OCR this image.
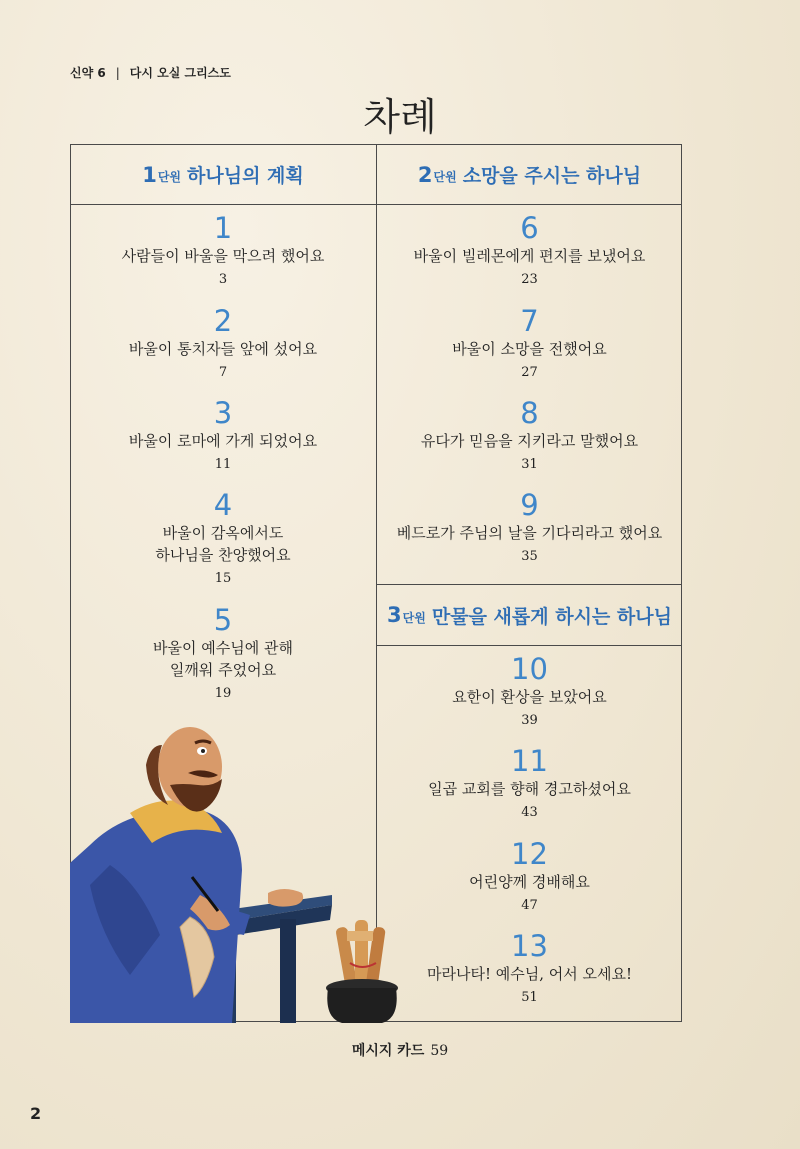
신약 6 | 다시 오실 그리스도
차례
1 단원 하나님의 계획	2 단원 소망을 주시는 하나님
3 단원 만물을 새롭게 하시는 하나님
1
사람들이 바울을 막으려 했어요
3
2
바울이 통치자들 앞에 섰어요
7
3
바울이 로마에 가게 되었어요
11
4
바울이 감옥에서도
하나님을 찬양했어요
15
5
바울이 예수님에 관해
일깨워 주었어요
19
6
바울이 빌레몬에게 편지를 보냈어요
23
7
바울이 소망을 전했어요
27
8
유다가 믿음을 지키라고 말했어요
31
9
베드로가 주님의 날을 기다리라고 했어요
35
10
요한이 환상을 보았어요
39
11
일곱 교회를 향해 경고하셨어요
43
12
어린양께 경배해요
47
13
마라나타! 예수님, 어서 오세요!
51
메시지 카드 59
2
